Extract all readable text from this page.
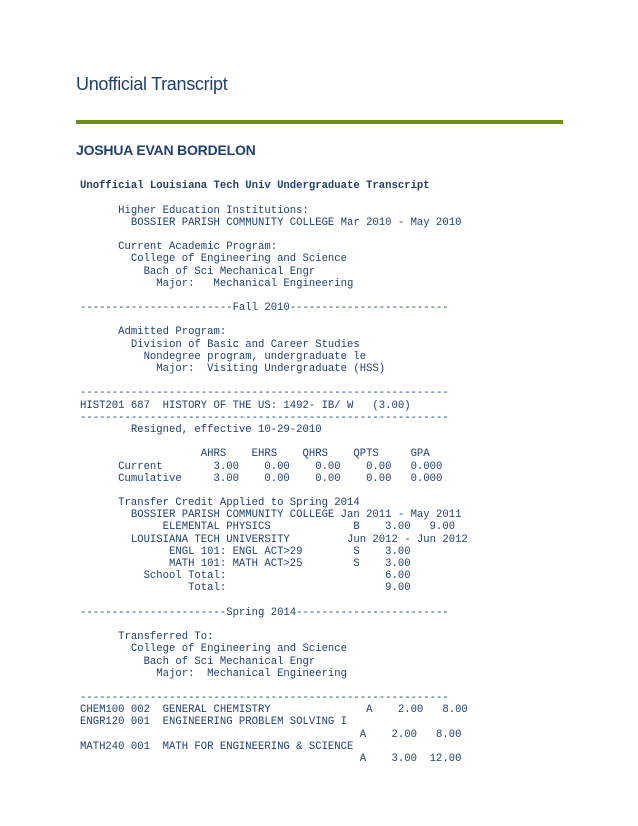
Unofficial Transcript
JOSHUA EVAN BORDELON
Unofficial Louisiana Tech Univ Undergraduate Transcript
Higher Education Institutions:
BOSSIER PARISH COMMUNITY COLLEGE Mar 2010 - May 2010
Current Academic Program:
College of Engineering and Science
Bach of Sci Mechanical Engr
Major:   Mechanical Engineering
------------------------Fall 2010-------------------------
Admitted Program:
Division of Basic and Career Studies
Nondegree program, undergraduate le
Major:  Visiting Undergraduate (HSS)
----------------------------------------------------------
HIST201 687  HISTORY OF THE US: 1492- IB/ W   (3.00)
----------------------------------------------------------
Resigned, effective 10-29-2010
AHRS    EHRS    QHRS    QPTS     GPA
Current        3.00    0.00    0.00    0.00   0.000
Cumulative     3.00    0.00    0.00    0.00   0.000
Transfer Credit Applied to Spring 2014
BOSSIER PARISH COMMUNITY COLLEGE Jan 2011 - May 2011
ELEMENTAL PHYSICS             B    3.00   9.00
LOUISIANA TECH UNIVERSITY         Jun 2012 - Jun 2012
ENGL 101: ENGL ACT>29        S    3.00
MATH 101: MATH ACT>25        S    3.00
School Total:                         6.00
Total:                         9.00
-----------------------Spring 2014------------------------
Transferred To:
College of Engineering and Science
Bach of Sci Mechanical Engr
Major:  Mechanical Engineering
----------------------------------------------------------
CHEM100 002  GENERAL CHEMISTRY               A    2.00   8.00
ENGR120 001  ENGINEERING PROBLEM SOLVING I
A    2.00   8.00
MATH240 001  MATH FOR ENGINEERING & SCIENCE
A    3.00  12.00
